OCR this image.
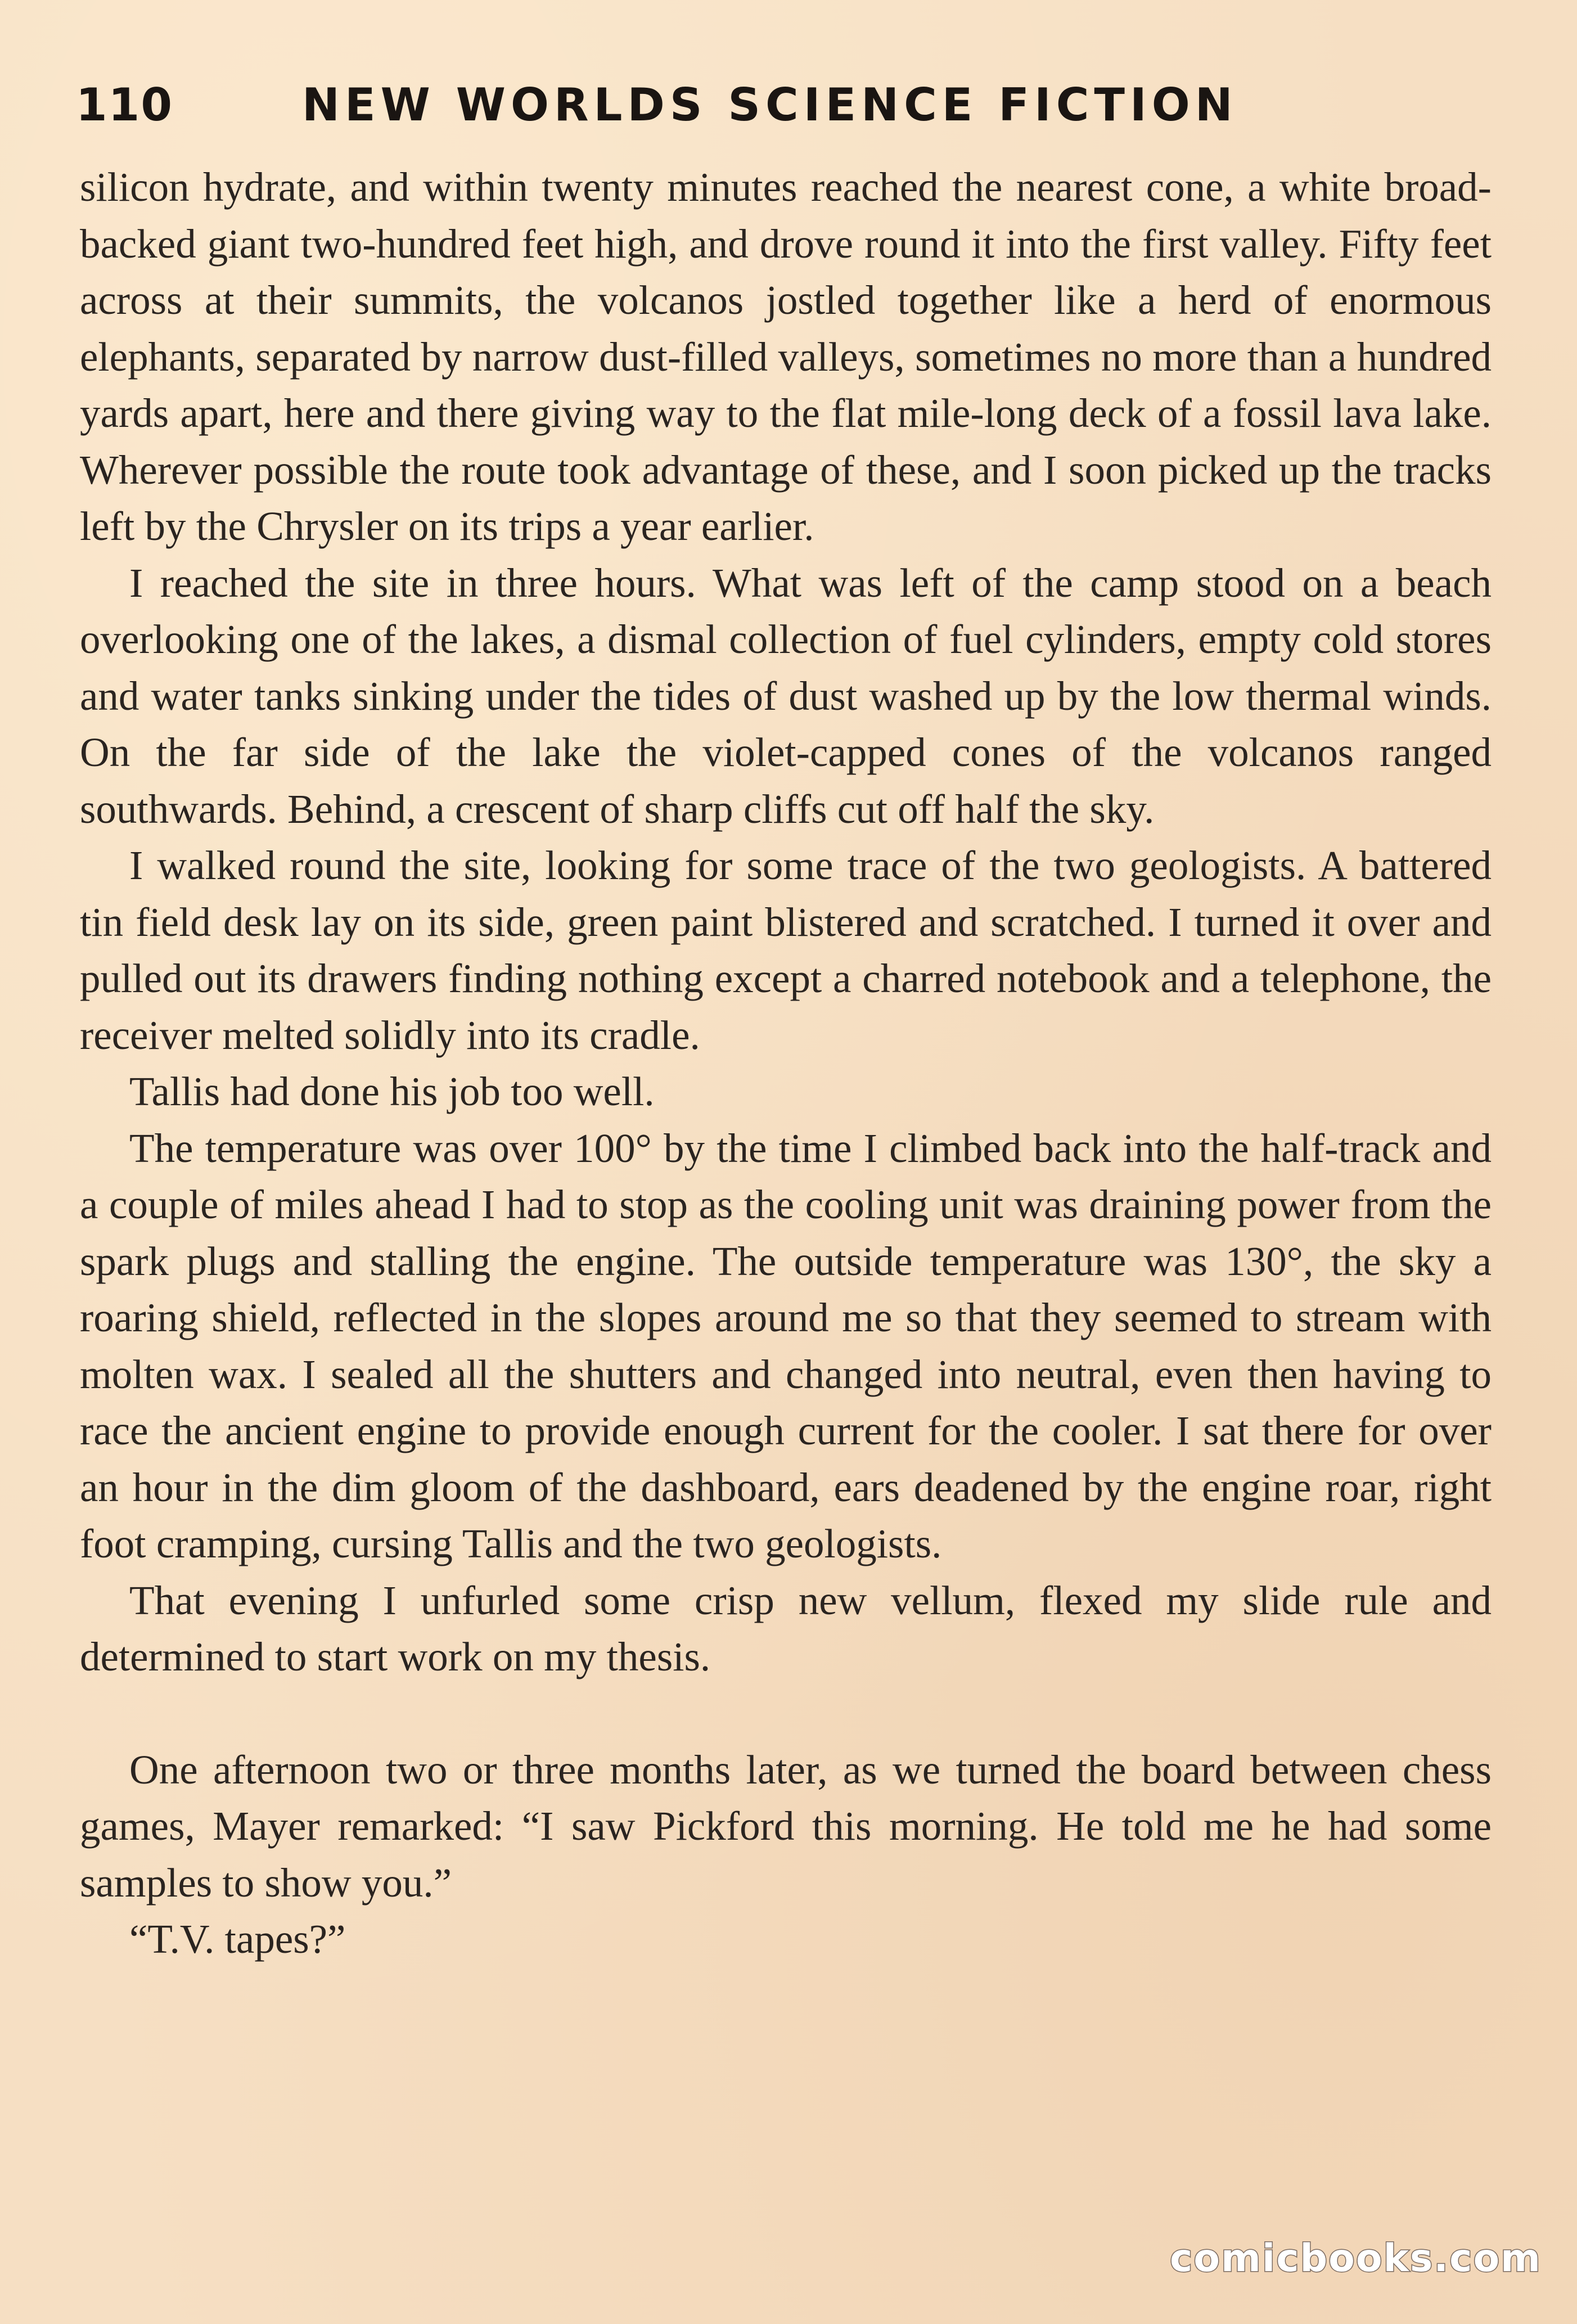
110	NEW WORLDS SCIENCE FICTION

silicon hydrate, and within twenty minutes reached the nearest cone, a white broad-backed giant two-hundred feet high, and drove round it into the first valley. Fifty feet across at their summits, the volcanos jostled together like a herd of enormous elephants, separated by narrow dust-filled valleys, sometimes no more than a hundred yards apart, here and there giving way to the flat mile-long deck of a fossil lava lake. Wherever possible the route took advantage of these, and I soon picked up the tracks left by the Chrysler on its trips a year earlier.

I reached the site in three hours. What was left of the camp stood on a beach overlooking one of the lakes, a dismal collection of fuel cylinders, empty cold stores and water tanks sinking under the tides of dust washed up by the low thermal winds. On the far side of the lake the violet-capped cones of the volcanos ranged southwards. Behind, a crescent of sharp cliffs cut off half the sky.

I walked round the site, looking for some trace of the two geologists. A battered tin field desk lay on its side, green paint blistered and scratched. I turned it over and pulled out its drawers finding nothing except a charred notebook and a telephone, the receiver melted solidly into its cradle.

Tallis had done his job too well.

The temperature was over 100° by the time I climbed back into the half-track and a couple of miles ahead I had to stop as the cooling unit was draining power from the spark plugs and stalling the engine. The outside temperature was 130°, the sky a roaring shield, reflected in the slopes around me so that they seemed to stream with molten wax. I sealed all the shutters and changed into neutral, even then having to race the ancient engine to provide enough current for the cooler. I sat there for over an hour in the dim gloom of the dashboard, ears deadened by the engine roar, right foot cramping, cursing Tallis and the two geologists.

That evening I unfurled some crisp new vellum, flexed my slide rule and determined to start work on my thesis.

One afternoon two or three months later, as we turned the board between chess games, Mayer remarked: “I saw Pickford this morning. He told me he had some samples to show you.”

“T.V. tapes?”

comicbooks.com
